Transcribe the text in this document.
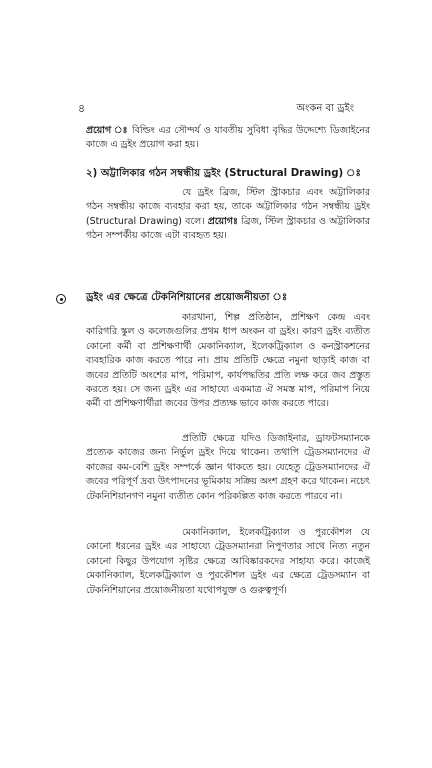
৪	অংকন বা ড্রইং

প্রয়োগ ঃ বিল্ডিং এর সৌন্দর্য ও যাবতীয় সুবিধা বৃদ্ধির উদ্দেশ্যে ডিজাইনের কাজে এ ড্রইং প্রয়োগ করা হয়।

২) অট্টালিকার গঠন সম্বন্ধীয় ড্রইং (Structural Drawing) ঃ

যে ড্রইং ব্রিজ, স্টিল স্ট্রাকচার এবং অট্টালিকার গঠন সম্বন্ধীয় কাজে ব্যবহার করা হয়, তাকে অট্টালিকার গঠন সম্বন্ধীয় ড্রইং (Structural Drawing) বলে। প্রয়োগঃ ব্রিজ, স্টিল স্ট্রাকচার ও অট্টালিকার গঠন সম্পর্কীয় কাজে এটা ব্যবহৃত হয়।

ড্রইং এর ক্ষেত্রে টেকনিশিয়ানের প্রয়োজনীয়তা ঃ

কারখানা, শিল্প প্রতিষ্ঠান, প্রশিক্ষণ কেন্দ্র এবং কারিগরি স্কুল ও কলেজগুলির প্রথম ধাপ অংকন বা ড্রইং। কারণ ড্রইং ব্যতীত কোনো কর্মী বা প্রশিক্ষণার্থী মেকানিক্যাল, ইলেকট্রিক্যাল ও কনস্ট্রাকশনের ব্যবহারিক কাজ করতে পারে না। প্রায় প্রতিটি ক্ষেত্রে নমুনা ছাড়াই কাজ বা জবের প্রতিটি অংশের মাপ, পরিমাপ, কার্যপদ্ধতির প্রতি লক্ষ করে জব প্রস্তুত করতে হয়। সে জন্য ড্রইং এর সাহায্যে একমাত্র ঐ সমস্ত মাপ, পরিমাপ নিয়ে কর্মী বা প্রশিক্ষণার্থীরা জবের উপর প্রত্যক্ষ ভাবে কাজ করতে পারে।

প্রতিটি ক্ষেত্রে যদিও ডিজাইনার, ড্রাফটসম্যানকে প্রত্যেক কাজের জন্য নির্ভুল ড্রইং দিয়ে থাকেন। তথাপি ট্রেডসম্যানদের ঐ কাজের কম-বেশি ড্রইং সম্পর্কে জ্ঞান থাকতে হয়। যেহেতু ট্রেডসম্যানদের ঐ জবের পরিপূর্ণ দ্রব্য উৎপাদনের ভূমিকায় সক্রিয় অংশ গ্রহণ করে থাকেন। নচেৎ টেকনিশিয়ানগণ নমুনা ব্যতীত কোন পরিকল্পিত কাজ করতে পারবে না।

মেকানিক্যাল, ইলেকট্রিক্যাল ও পুরকৌশল যে কোনো ধরনের ড্রইং এর সাহায্যে ট্রেডসম্যানরা নিপুণতার সাথে নিত্য নতুন কোনো কিছুর উপযোগ সৃষ্টির ক্ষেত্রে আবিষ্কারকদের সাহায্য করে। কাজেই মেকানিক্যাল, ইলেকট্রিক্যাল ও পুরকৌশল ড্রইং এর ক্ষেত্রে ট্রেডসম্যান বা টেকনিশিয়ানের প্রয়োজনীয়তা যথোপযুক্ত ও গুরুত্বপূর্ণ।
